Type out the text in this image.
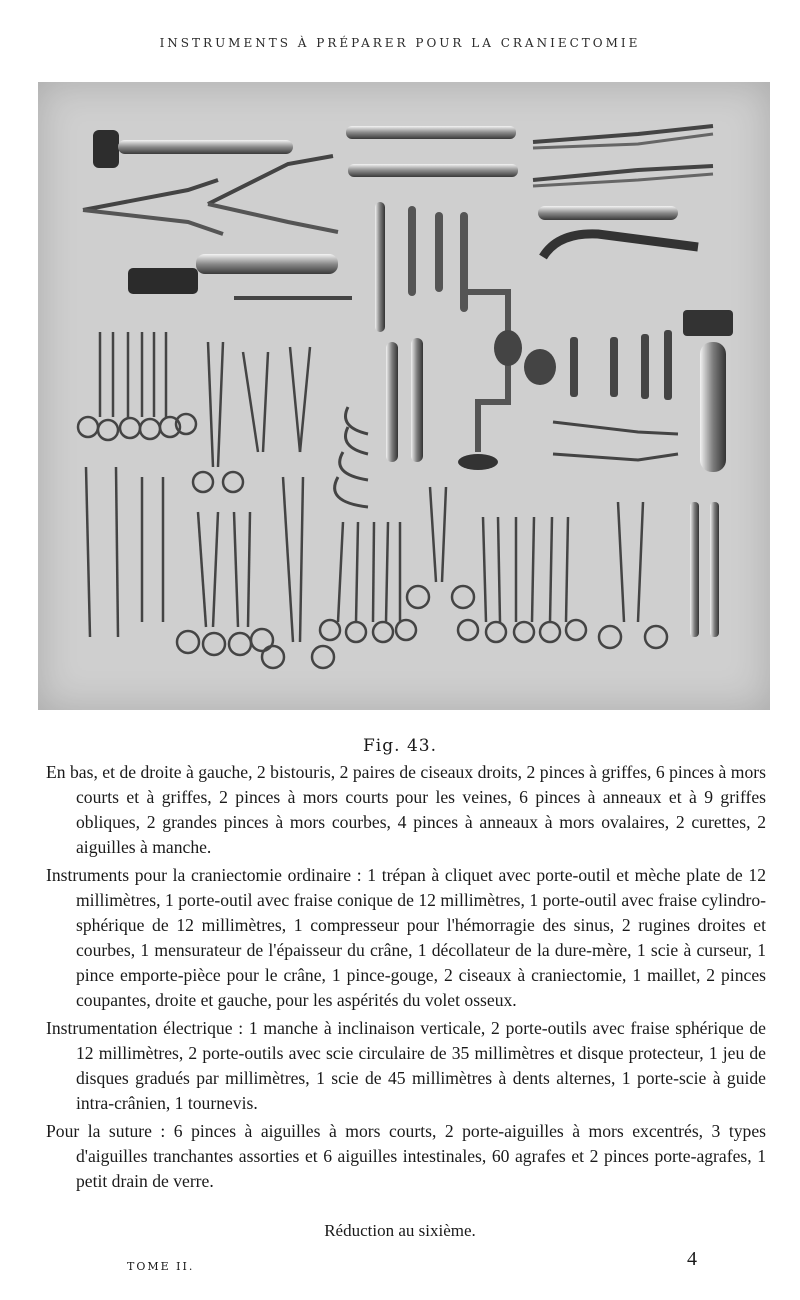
INSTRUMENTS À PRÉPARER POUR LA CRANIECTOMIE
Fig. 43.

En bas, et de droite à gauche, 2 bistouris, 2 paires de ciseaux droits, 2 pinces à griffes, 6 pinces à mors courts et à griffes, 2 pinces à mors courts pour les veines, 6 pinces à anneaux et à 9 griffes obliques, 2 grandes pinces à mors courbes, 4 pinces à anneaux à mors ovalaires, 2 curettes, 2 aiguilles à manche.

Instruments pour la craniectomie ordinaire : 1 trépan à cliquet avec porte-outil et mèche plate de 12 millimètres, 1 porte-outil avec fraise conique de 12 millimètres, 1 porte-outil avec fraise cylindro-sphérique de 12 millimètres, 1 compresseur pour l'hémorragie des sinus, 2 rugines droites et courbes, 1 mensurateur de l'épaisseur du crâne, 1 décollateur de la dure-mère, 1 scie à curseur, 1 pince emporte-pièce pour le crâne, 1 pince-gouge, 2 ciseaux à craniectomie, 1 maillet, 2 pinces coupantes, droite et gauche, pour les aspérités du volet osseux.

Instrumentation électrique : 1 manche à inclinaison verticale, 2 porte-outils avec fraise sphérique de 12 millimètres, 2 porte-outils avec scie circulaire de 35 millimètres et disque protecteur, 1 jeu de disques gradués par millimètres, 1 scie de 45 millimètres à dents alternes, 1 porte-scie à guide intra-crânien, 1 tournevis.

Pour la suture : 6 pinces à aiguilles à mors courts, 2 porte-aiguilles à mors excentrés, 3 types d'aiguilles tranchantes assorties et 6 aiguilles intestinales, 60 agrafes et 2 pinces porte-agrafes, 1 petit drain de verre.

Réduction au sixième.
TOME II.	4
